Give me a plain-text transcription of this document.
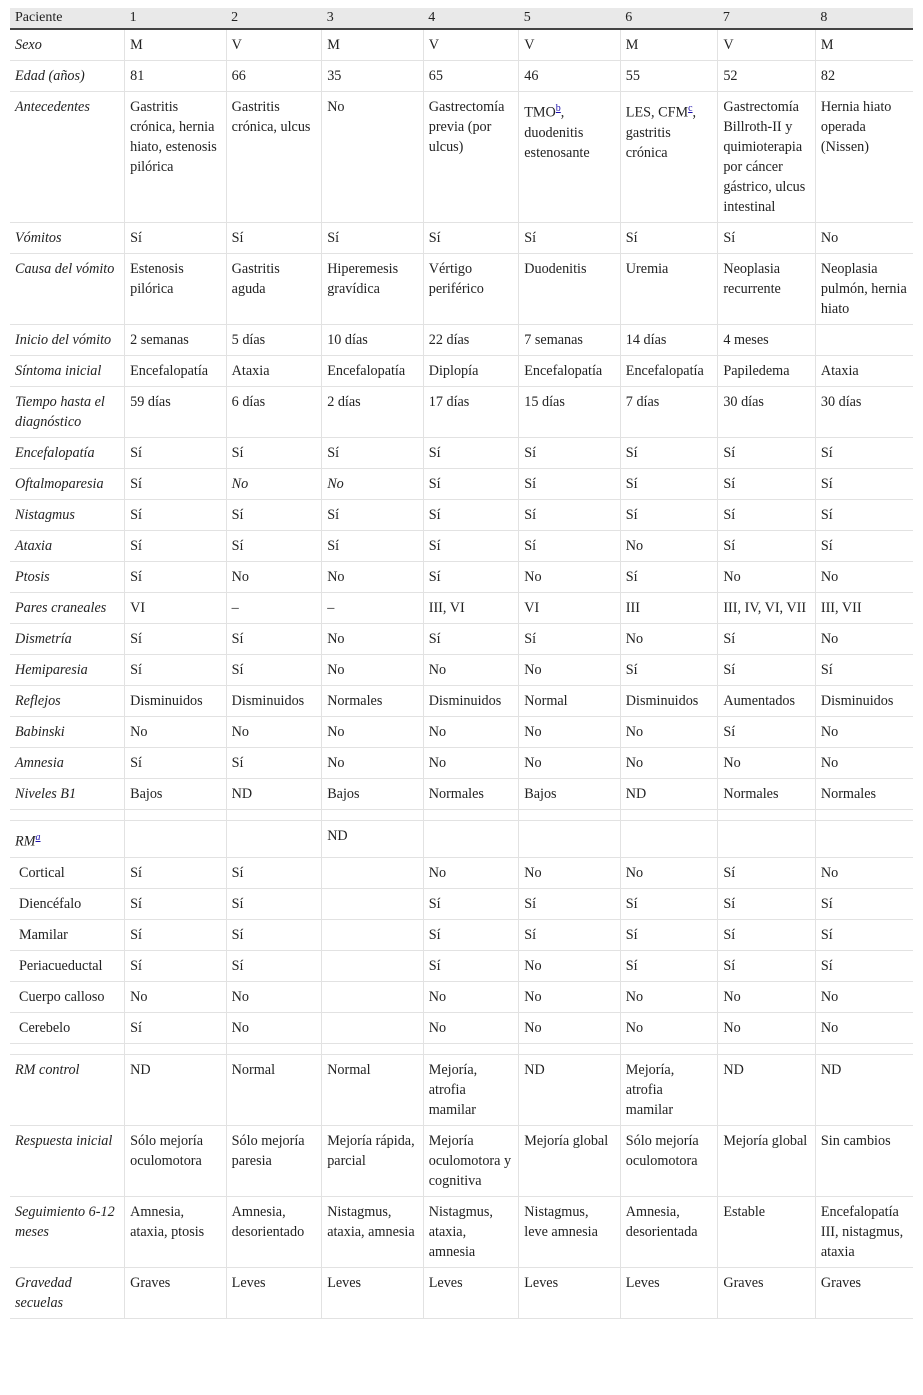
Paciente	1	2	3	4	5	6	7	8
Sexo	M	V	M	V	V	M	V	M
Edad (años)	81	66	35	65	46	55	52	82
Antecedentes	Gastritis crónica, hernia hiato, estenosis pilórica	Gastritis crónica, ulcus	No	Gastrectomía previa (por ulcus)	TMO$^b$, duodenitis estenosante	LES, CFM$^c$, gastritis crónica	Gastrectomía Billroth-II y quimioterapia por cáncer gástrico, ulcus intestinal	Hernia hiato operada (Nissen)
Vómitos	Sí	Sí	Sí	Sí	Sí	Sí	Sí	No
Causa del vómito	Estenosis pilórica	Gastritis aguda	Hiperemesis gravídica	Vértigo periférico	Duodenitis	Uremia	Neoplasia recurrente	Neoplasia pulmón, hernia hiato
Inicio del vómito	2 semanas	5 días	10 días	22 días	7 semanas	14 días	4 meses	
Síntoma inicial	Encefalopatía	Ataxia	Encefalopatía	Diplopía	Encefalopatía	Encefalopatía	Papiledema	Ataxia
Tiempo hasta el diagnóstico	59 días	6 días	2 días	17 días	15 días	7 días	30 días	30 días
Encefalopatía	Sí	Sí	Sí	Sí	Sí	Sí	Sí	Sí
Oftalmoparesia	Sí	No	No	Sí	Sí	Sí	Sí	Sí
Nistagmus	Sí	Sí	Sí	Sí	Sí	Sí	Sí	Sí
Ataxia	Sí	Sí	Sí	Sí	Sí	No	Sí	Sí
Ptosis	Sí	No	No	Sí	No	Sí	No	No
Pares craneales	VI	–	–	III, VI	VI	III	III, IV, VI, VII	III, VII
Dismetría	Sí	Sí	No	Sí	Sí	No	Sí	No
Hemiparesia	Sí	Sí	No	No	No	Sí	Sí	Sí
Reflejos	Disminuidos	Disminuidos	Normales	Disminuidos	Normal	Disminuidos	Aumentados	Disminuidos
Babinski	No	No	No	No	No	No	Sí	No
Amnesia	Sí	Sí	No	No	No	No	No	No
Niveles B1	Bajos	ND	Bajos	Normales	Bajos	ND	Normales	Normales

$RM^a$			ND					
Cortical	Sí	Sí		No	No	No	Sí	No
Diencéfalo	Sí	Sí		Sí	Sí	Sí	Sí	Sí
Mamilar	Sí	Sí		Sí	Sí	Sí	Sí	Sí
Periacueductal	Sí	Sí		Sí	No	Sí	Sí	Sí
Cuerpo calloso	No	No		No	No	No	No	No
Cerebelo	Sí	No		No	No	No	No	No

RM control	ND	Normal	Normal	Mejoría, atrofia mamilar	ND	Mejoría, atrofia mamilar	ND	ND
Respuesta inicial	Sólo mejoría oculomotora	Sólo mejoría paresia	Mejoría rápida, parcial	Mejoría oculomotora y cognitiva	Mejoría global	Sólo mejoría oculomotora	Mejoría global	Sin cambios
Seguimiento 6-12 meses	Amnesia, ataxia, ptosis	Amnesia, desorientado	Nistagmus, ataxia, amnesia	Nistagmus, ataxia, amnesia	Nistagmus, leve amnesia	Amnesia, desorientada	Estable	Encefalopatía III, nistagmus, ataxia
Gravedad secuelas	Graves	Leves	Leves	Leves	Leves	Leves	Graves	Graves
